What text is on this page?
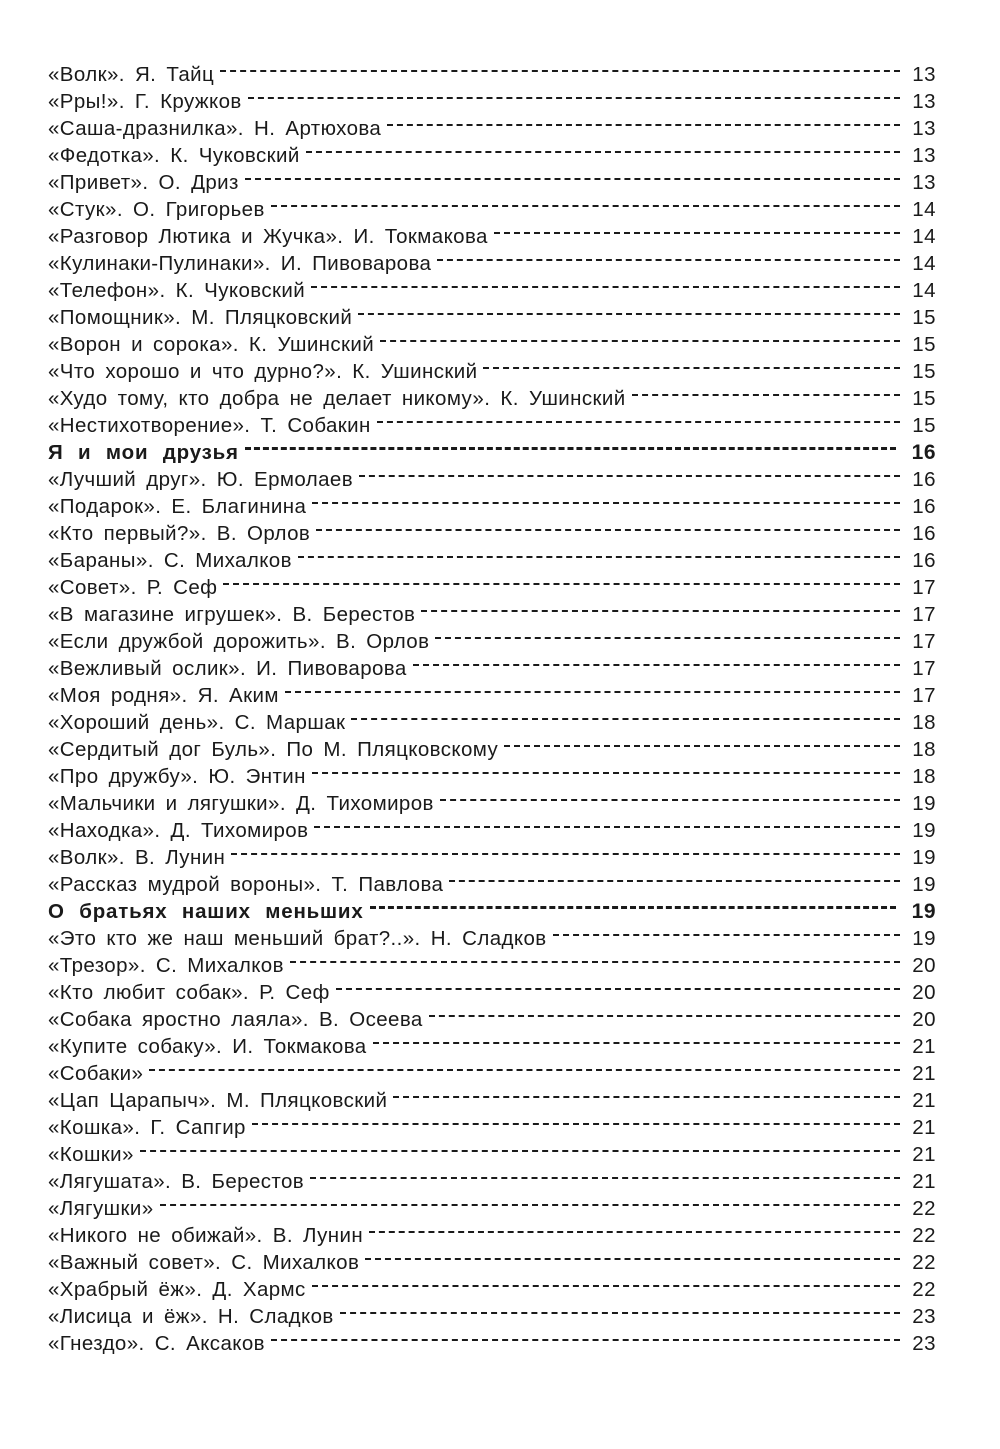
«Волк». Я. Тайц	13
«Рры!». Г. Кружков	13
«Саша-дразнилка». Н. Артюхова	13
«Федотка». К. Чуковский	13
«Привет». О. Дриз	13
«Стук». О. Григорьев	14
«Разговор Лютика и Жучка». И. Токмакова	14
«Кулинаки-Пулинаки». И. Пивоварова	14
«Телефон». К. Чуковский	14
«Помощник». М. Пляцковский	15
«Ворон и сорока». К. Ушинский	15
«Что хорошо и что дурно?». К. Ушинский	15
«Худо тому, кто добра не делает никому». К. Ушинский	15
«Нестихотворение». Т. Собакин	15
Я и мои друзья	16
«Лучший друг». Ю. Ермолаев	16
«Подарок». Е. Благинина	16
«Кто первый?». В. Орлов	16
«Бараны». С. Михалков	16
«Совет». Р. Сеф	17
«В магазине игрушек». В. Берестов	17
«Если дружбой дорожить». В. Орлов	17
«Вежливый ослик». И. Пивоварова	17
«Моя родня». Я. Аким	17
«Хороший день». С. Маршак	18
«Сердитый дог Буль». По М. Пляцковскому	18
«Про дружбу». Ю. Энтин	18
«Мальчики и лягушки». Д. Тихомиров	19
«Находка». Д. Тихомиров	19
«Волк». В. Лунин	19
«Рассказ мудрой вороны». Т. Павлова	19
О братьях наших меньших	19
«Это кто же наш меньший брат?..». Н. Сладков	19
«Трезор». С. Михалков	20
«Кто любит собак». Р. Сеф	20
«Собака яростно лаяла». В. Осеева	20
«Купите собаку». И. Токмакова	21
«Собаки»	21
«Цап Царапыч». М. Пляцковский	21
«Кошка». Г. Сапгир	21
«Кошки»	21
«Лягушата». В. Берестов	21
«Лягушки»	22
«Никого не обижай». В. Лунин	22
«Важный совет». С. Михалков	22
«Храбрый ёж». Д. Хармс	22
«Лисица и ёж». Н. Сладков	23
«Гнездо». С. Аксаков	23
